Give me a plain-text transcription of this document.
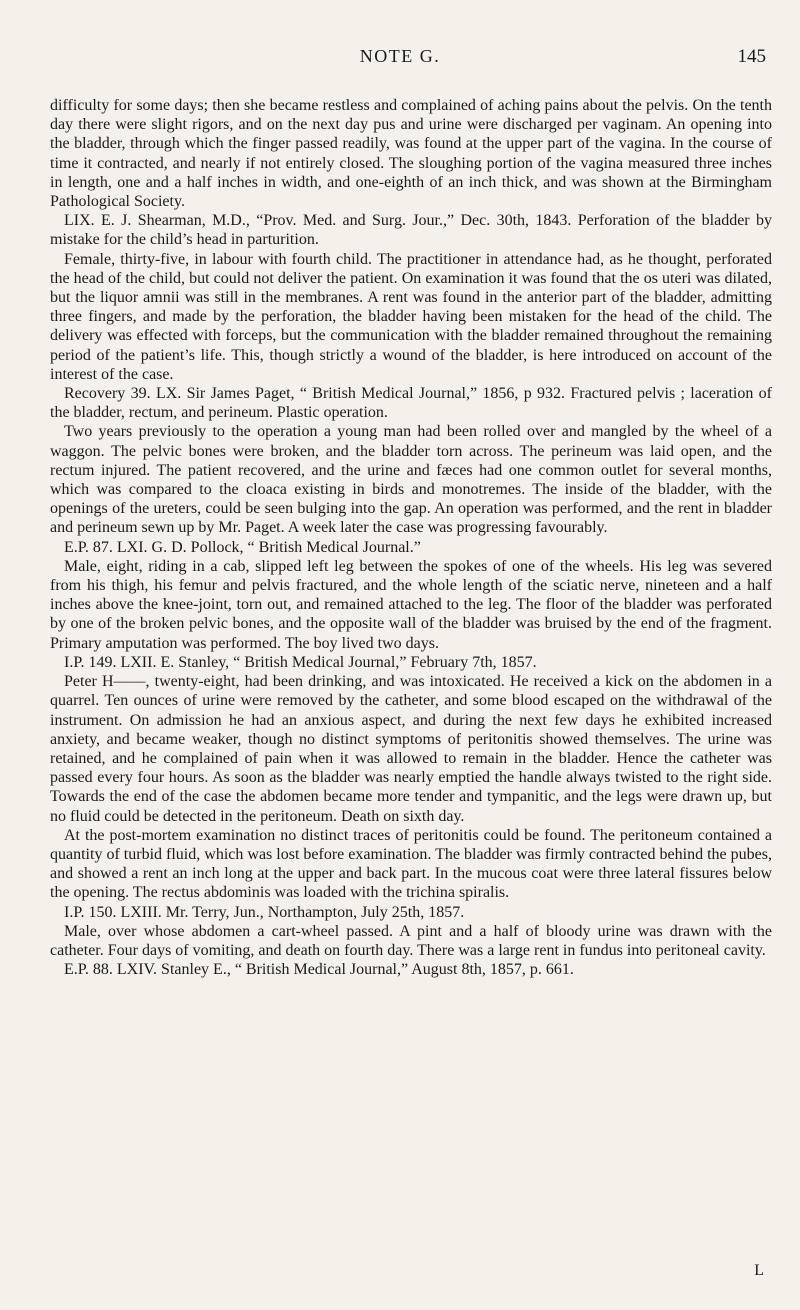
NOTE G.	145

difficulty for some days; then she became restless and complained of aching pains about the pelvis. On the tenth day there were slight rigors, and on the next day pus and urine were discharged per vaginam. An opening into the bladder, through which the finger passed readily, was found at the upper part of the vagina. In the course of time it contracted, and nearly if not entirely closed. The sloughing portion of the vagina measured three inches in length, one and a half inches in width, and one-eighth of an inch thick, and was shown at the Birmingham Pathological Society.

LIX. E. J. Shearman, M.D., “Prov. Med. and Surg. Jour.,” Dec. 30th, 1843. Perforation of the bladder by mistake for the child’s head in parturition.

Female, thirty-five, in labour with fourth child. The practitioner in attendance had, as he thought, perforated the head of the child, but could not deliver the patient. On examination it was found that the os uteri was dilated, but the liquor amnii was still in the membranes. A rent was found in the anterior part of the bladder, admitting three fingers, and made by the perforation, the bladder having been mistaken for the head of the child. The delivery was effected with forceps, but the communication with the bladder remained throughout the remaining period of the patient’s life. This, though strictly a wound of the bladder, is here introduced on account of the interest of the case.

Recovery 39. LX. Sir James Paget, “ British Medical Journal,” 1856, p 932. Fractured pelvis ; laceration of the bladder, rectum, and perineum. Plastic operation.

Two years previously to the operation a young man had been rolled over and mangled by the wheel of a waggon. The pelvic bones were broken, and the bladder torn across. The perineum was laid open, and the rectum injured. The patient recovered, and the urine and fæces had one common outlet for several months, which was compared to the cloaca existing in birds and monotremes. The inside of the bladder, with the openings of the ureters, could be seen bulging into the gap. An operation was performed, and the rent in bladder and perineum sewn up by Mr. Paget. A week later the case was progressing favourably.

E.P. 87. LXI. G. D. Pollock, “ British Medical Journal.”

Male, eight, riding in a cab, slipped left leg between the spokes of one of the wheels. His leg was severed from his thigh, his femur and pelvis fractured, and the whole length of the sciatic nerve, nineteen and a half inches above the knee-joint, torn out, and remained attached to the leg. The floor of the bladder was perforated by one of the broken pelvic bones, and the opposite wall of the bladder was bruised by the end of the fragment. Primary amputation was performed. The boy lived two days.

I.P. 149. LXII. E. Stanley, “ British Medical Journal,” February 7th, 1857.

Peter H——, twenty-eight, had been drinking, and was intoxicated. He received a kick on the abdomen in a quarrel. Ten ounces of urine were removed by the catheter, and some blood escaped on the withdrawal of the instrument. On admission he had an anxious aspect, and during the next few days he exhibited increased anxiety, and became weaker, though no distinct symptoms of peritonitis showed themselves. The urine was retained, and he complained of pain when it was allowed to remain in the bladder. Hence the catheter was passed every four hours. As soon as the bladder was nearly emptied the handle always twisted to the right side. Towards the end of the case the abdomen became more tender and tympanitic, and the legs were drawn up, but no fluid could be detected in the peritoneum. Death on sixth day.

At the post-mortem examination no distinct traces of peritonitis could be found. The peritoneum contained a quantity of turbid fluid, which was lost before examination. The bladder was firmly contracted behind the pubes, and showed a rent an inch long at the upper and back part. In the mucous coat were three lateral fissures below the opening. The rectus abdominis was loaded with the trichina spiralis.

I.P. 150. LXIII. Mr. Terry, Jun., Northampton, July 25th, 1857.

Male, over whose abdomen a cart-wheel passed. A pint and a half of bloody urine was drawn with the catheter. Four days of vomiting, and death on fourth day. There was a large rent in fundus into peritoneal cavity.

E.P. 88. LXIV. Stanley E., “ British Medical Journal,” August 8th, 1857, p. 661.

L
